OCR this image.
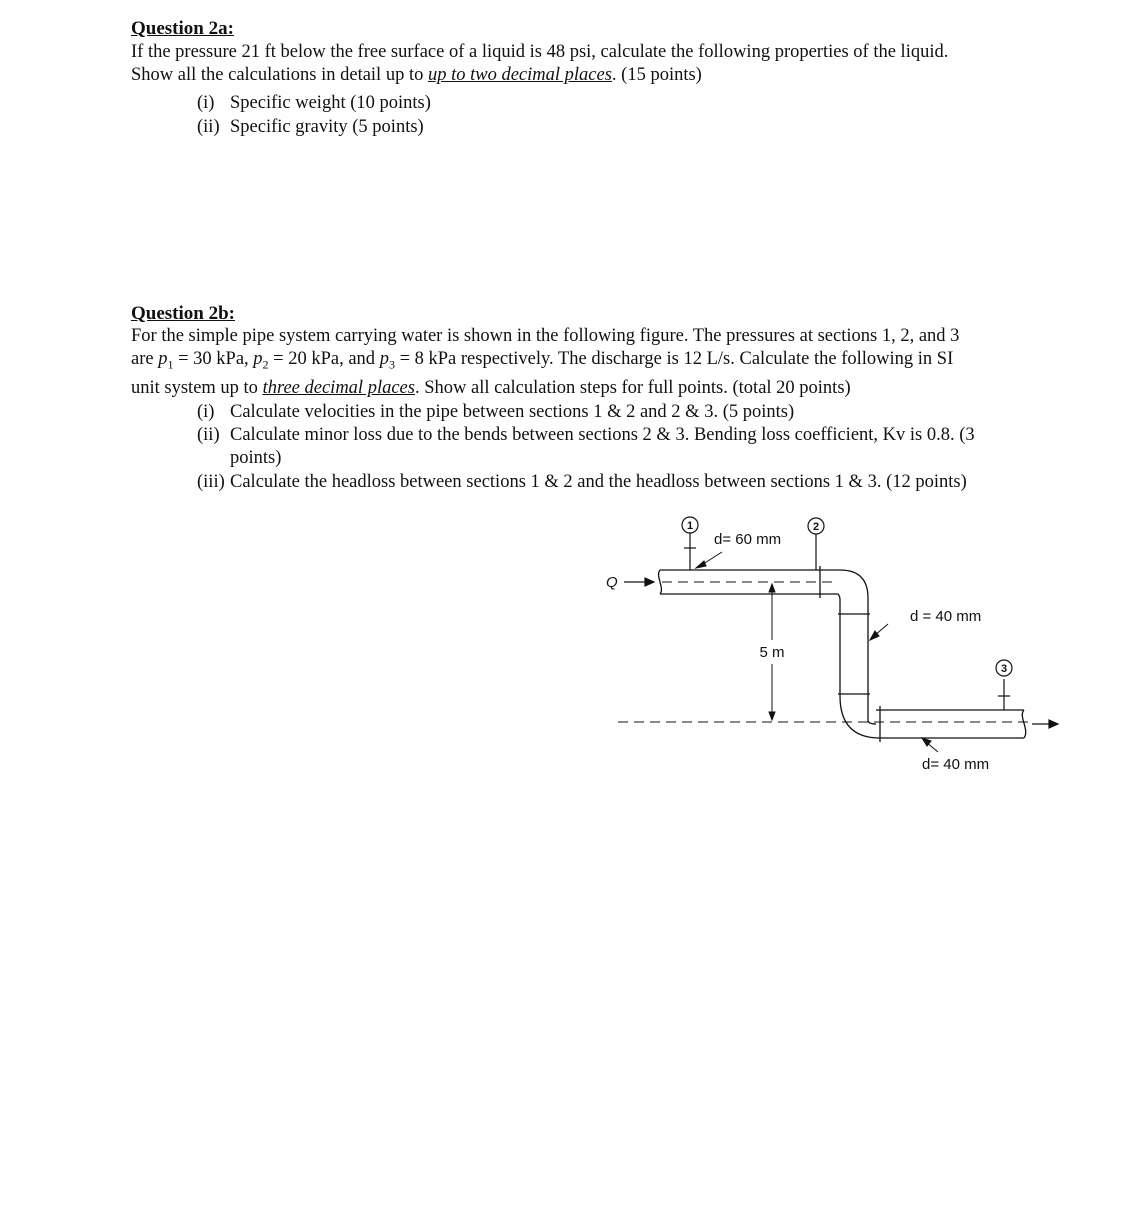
Question 2a:

If the pressure 21 ft below the free surface of a liquid is 48 psi, calculate the following properties of the liquid.
Show all the calculations in detail up to up to two decimal places. (15 points)

(i) Specific weight (10 points)
(ii) Specific gravity (5 points)
Question 2b:

For the simple pipe system carrying water is shown in the following figure. The pressures at sections 1, 2, and 3
are $p_1 = 30$ kPa, $p_2 = 20$ kPa, and $p_3 = 8$ kPa respectively. The discharge is 12 L/s. Calculate the following in SI
unit system up to three decimal places. Show all calculation steps for full points. (total 20 points)

(i) Calculate velocities in the pipe between sections 1 & 2 and 2 & 3. (5 points)
(ii) Calculate minor loss due to the bends between sections 2 & 3. Bending loss coefficient, Kv is 0.8. (3
points)
(iii) Calculate the headloss between sections 1 & 2 and the headloss between sections 1 & 3. (12 points)
1	2
3
5 m
Q
d= 60 mm
d = 40 mm
d= 40 mm
